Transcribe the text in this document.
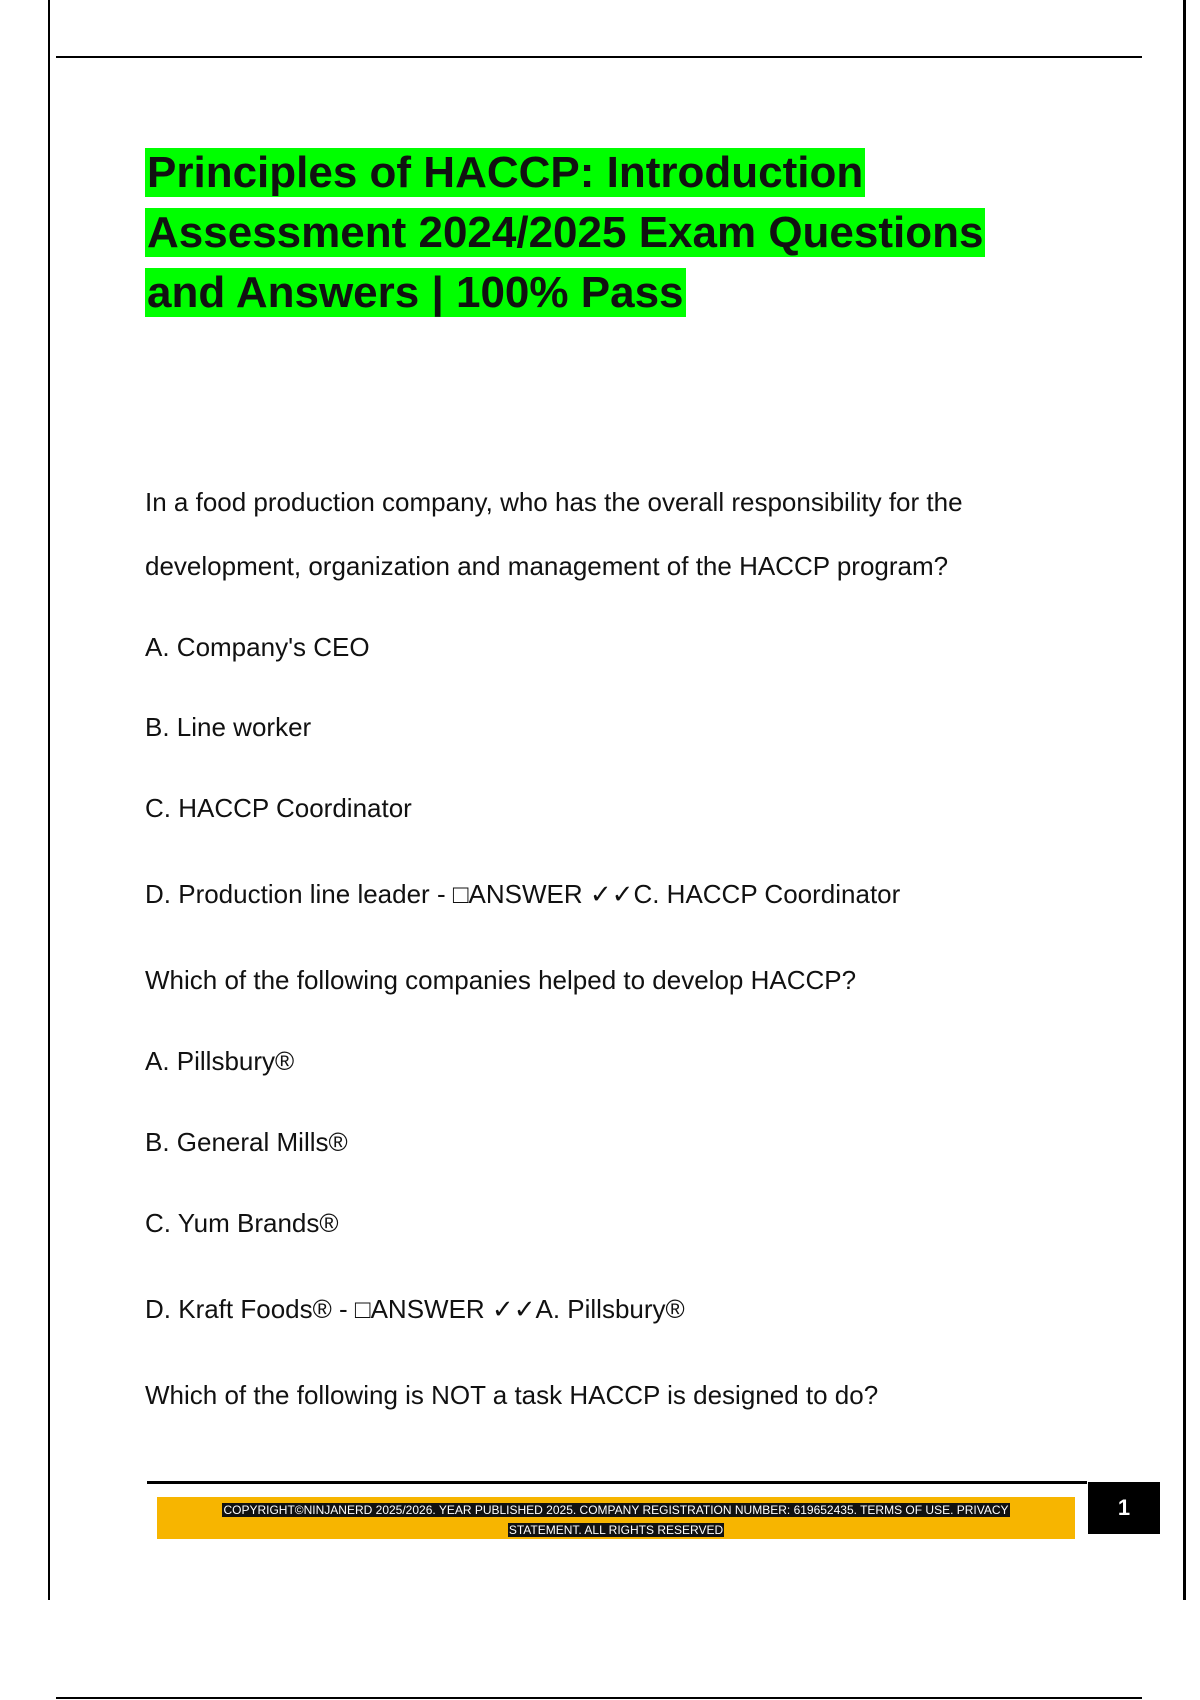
Principles of HACCP: Introduction
Assessment 2024/2025 Exam Questions
and Answers | 100% Pass
In a food production company, who has the overall responsibility for the
development, organization and management of the HACCP program?
A. Company's CEO
B. Line worker
C. HACCP Coordinator
D. Production line leader - □ANSWER ✓✓C. HACCP Coordinator
Which of the following companies helped to develop HACCP?
A. Pillsbury®
B. General Mills®
C. Yum Brands®
D. Kraft Foods® - □ANSWER ✓✓A. Pillsbury®
Which of the following is NOT a task HACCP is designed to do?
COPYRIGHT©NINJANERD 2025/2026. YEAR PUBLISHED 2025. COMPANY REGISTRATION NUMBER: 619652435. TERMS OF USE. PRIVACY
STATEMENT. ALL RIGHTS RESERVED
1
